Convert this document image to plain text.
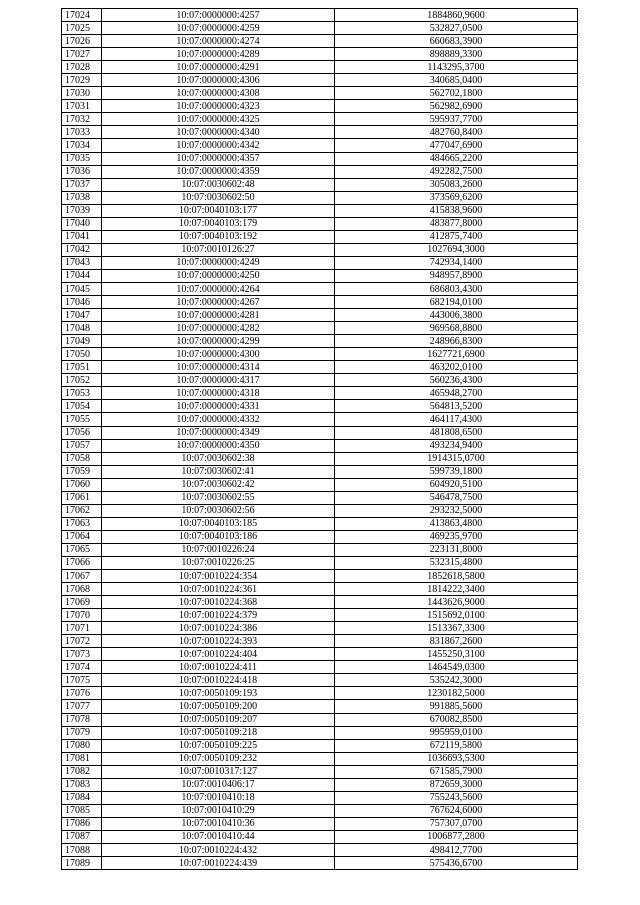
17024	10:07:0000000:4257	1884860,9600
17025	10:07:0000000:4259	532827,0500
17026	10:07:0000000:4274	660683,3900
17027	10:07:0000000:4289	898889,3300
17028	10:07:0000000:4291	1143295,3700
17029	10:07:0000000:4306	340685,0400
17030	10:07:0000000:4308	562702,1800
17031	10:07:0000000:4323	562982,6900
17032	10:07:0000000:4325	595937,7700
17033	10:07:0000000:4340	482760,8400
17034	10:07:0000000:4342	477047,6900
17035	10:07:0000000:4357	484665,2200
17036	10:07:0000000:4359	492282,7500
17037	10:07:0030602:48	305083,2600
17038	10:07:0030602:50	373569,6200
17039	10:07:0040103:177	415838,9600
17040	10:07:0040103:179	483877,8000
17041	10:07:0040103:192	412875,7400
17042	10:07:0010126:27	1027694,3000
17043	10:07:0000000:4249	742934,1400
17044	10:07:0000000:4250	948957,8900
17045	10:07:0000000:4264	686803,4300
17046	10:07:0000000:4267	682194,0100
17047	10:07:0000000:4281	443006,3800
17048	10:07:0000000:4282	969568,8800
17049	10:07:0000000:4299	248966,8300
17050	10:07:0000000:4300	1627721,6900
17051	10:07:0000000:4314	463202,0100
17052	10:07:0000000:4317	560236,4300
17053	10:07:0000000:4318	465948,2700
17054	10:07:0000000:4331	564813,5200
17055	10:07:0000000:4332	464117,4300
17056	10:07:0000000:4349	481808,6500
17057	10:07:0000000:4350	493234,9400
17058	10:07:0030602:38	1914315,0700
17059	10:07:0030602:41	599739,1800
17060	10:07:0030602:42	604920,5100
17061	10:07:0030602:55	546478,7500
17062	10:07:0030602:56	293232,5000
17063	10:07:0040103:185	413863,4800
17064	10:07:0040103:186	469235,9700
17065	10:07:0010226:24	223131,8000
17066	10:07:0010226:25	532315,4800
17067	10:07:0010224:354	1852618,5800
17068	10:07:0010224:361	1814222,3400
17069	10:07:0010224:368	1443626,9000
17070	10:07:0010224:379	1515692,0100
17071	10:07:0010224:386	1513367,3300
17072	10:07:0010224:393	831867,2600
17073	10:07:0010224:404	1455250,3100
17074	10:07:0010224:411	1464549,0300
17075	10:07:0010224:418	535242,3000
17076	10:07:0050109:193	1230182,5000
17077	10:07:0050109:200	991885,5600
17078	10:07:0050109:207	670082,8500
17079	10:07:0050109:218	995959,0100
17080	10:07:0050109:225	672119,5800
17081	10:07:0050109:232	1036693,5300
17082	10:07:0010317:127	671585,7900
17083	10:07:0010406:17	872659,3000
17084	10:07:0010410:18	755243,5600
17085	10:07:0010410:29	767624,6000
17086	10:07:0010410:36	757307,0700
17087	10:07:0010410:44	1006877,2800
17088	10:07:0010224:432	498412,7700
17089	10:07:0010224:439	575436,6700
